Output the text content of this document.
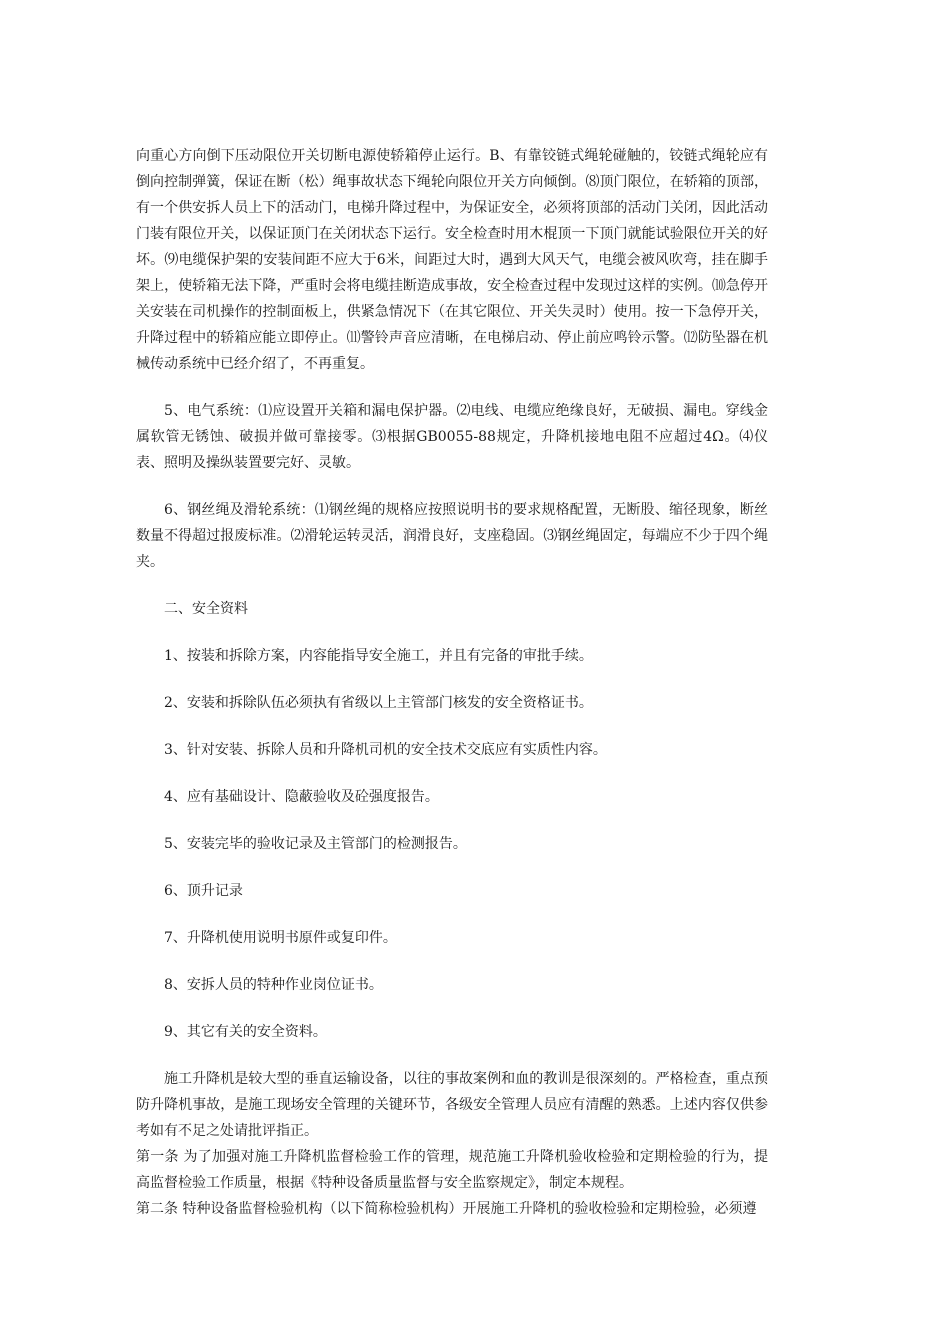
向重心方向倒下压动限位开关切断电源使轿箱停止运行。B、有靠铰链式绳轮碰触的，铰链式绳轮应有倒向控制弹簧，保证在断（松）绳事故状态下绳轮向限位开关方向倾倒。⑻顶门限位，在轿箱的顶部，有一个供安拆人员上下的活动门，电梯升降过程中，为保证安全，必须将顶部的活动门关闭，因此活动门装有限位开关，以保证顶门在关闭状态下运行。安全检查时用木棍顶一下顶门就能试验限位开关的好坏。⑼电缆保护架的安装间距不应大于6米，间距过大时，遇到大风天气，电缆会被风吹弯，挂在脚手架上，使轿箱无法下降，严重时会将电缆挂断造成事故，安全检查过程中发现过这样的实例。⑽急停开关安装在司机操作的控制面板上，供紧急情况下（在其它限位、开关失灵时）使用。按一下急停开关，升降过程中的轿箱应能立即停止。⑾警铃声音应清晰，在电梯启动、停止前应鸣铃示警。⑿防坠器在机械传动系统中已经介绍了，不再重复。

5、电气系统：⑴应设置开关箱和漏电保护器。⑵电线、电缆应绝缘良好，无破损、漏电。穿线金属软管无锈蚀、破损并做可靠接零。⑶根据GB0055-88规定，升降机接地电阻不应超过4Ω。⑷仪表、照明及操纵装置要完好、灵敏。

6、钢丝绳及滑轮系统：⑴钢丝绳的规格应按照说明书的要求规格配置，无断股、缩径现象，断丝数量不得超过报废标准。⑵滑轮运转灵活，润滑良好，支座稳固。⑶钢丝绳固定，每端应不少于四个绳夹。

二、安全资料

1、按装和拆除方案，内容能指导安全施工，并且有完备的审批手续。

2、安装和拆除队伍必须执有省级以上主管部门核发的安全资格证书。

3、针对安装、拆除人员和升降机司机的安全技术交底应有实质性内容。

4、应有基础设计、隐蔽验收及砼强度报告。

5、安装完毕的验收记录及主管部门的检测报告。

6、顶升记录

7、升降机使用说明书原件或复印件。

8、安拆人员的特种作业岗位证书。

9、其它有关的安全资料。

施工升降机是较大型的垂直运输设备，以往的事故案例和血的教训是很深刻的。严格检查，重点预防升降机事故，是施工现场安全管理的关键环节，各级安全管理人员应有清醒的熟悉。上述内容仅供参考如有不足之处请批评指正。

第一条 为了加强对施工升降机监督检验工作的管理，规范施工升降机验收检验和定期检验的行为，提高监督检验工作质量，根据《特种设备质量监督与安全监察规定》，制定本规程。

第二条 特种设备监督检验机构（以下简称检验机构）开展施工升降机的验收检验和定期检验，必须遵
